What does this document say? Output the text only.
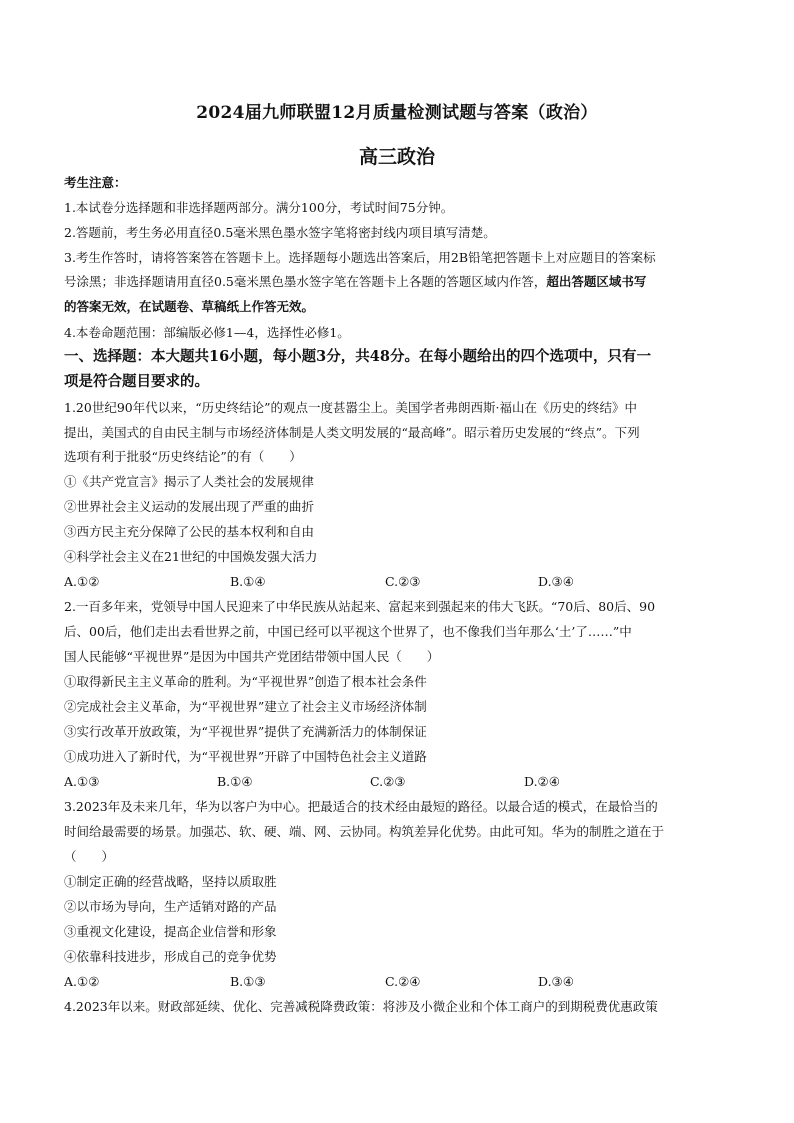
2024届九师联盟12月质量检测试题与答案（政治）
高三政治
考生注意：
1.本试卷分选择题和非选择题两部分。满分100分，考试时间75分钟。
2.答题前，考生务必用直径0.5毫米黑色墨水签字笔将密封线内项目填写清楚。
3.考生作答时，请将答案答在答题卡上。选择题每小题选出答案后，用2B铅笔把答题卡上对应题目的答案标
号涂黑；非选择题请用直径0.5毫米黑色墨水签字笔在答题卡上各题的答题区域内作答，超出答题区域书写
的答案无效，在试题卷、草稿纸上作答无效。
4.本卷命题范围：部编版必修1—4，选择性必修1。
一、选择题：本大题共16小题，每小题3分，共48分。在每小题给出的四个选项中，只有一
项是符合题目要求的。
1.20世纪90年代以来，“历史终结论”的观点一度甚嚣尘上。美国学者弗朗西斯·福山在《历史的终结》中
提出，美国式的自由民主制与市场经济体制是人类文明发展的“最高峰”。昭示着历史发展的“终点”。下列
选项有利于批驳“历史终结论”的有（　　）
①《共产党宣言》揭示了人类社会的发展规律
②世界社会主义运动的发展出现了严重的曲折
③西方民主充分保障了公民的基本权利和自由
④科学社会主义在21世纪的中国焕发强大活力
A.①②	B.①④	C.②③	D.③④
2.一百多年来，党领导中国人民迎来了中华民族从站起来、富起来到强起来的伟大飞跃。“70后、80后、90
后、00后，他们走出去看世界之前，中国已经可以平视这个世界了，也不像我们当年那么‘土’了……”中
国人民能够“平视世界”是因为中国共产党团结带领中国人民（　　）
①取得新民主主义革命的胜利。为“平视世界”创造了根本社会条件
②完成社会主义革命，为“平视世界”建立了社会主义市场经济体制
③实行改革开放政策，为“平视世界”提供了充满新活力的体制保证
①成功进入了新时代，为“平视世界”开辟了中国特色社会主义道路
A.①③	B.①④	C.②③	D.②④
3.2023年及未来几年，华为以客户为中心。把最适合的技术经由最短的路径。以最合适的模式，在最恰当的
时间给最需要的场景。加强芯、软、硬、端、网、云协同。构筑差异化优势。由此可知。华为的制胜之道在于
（　　）
①制定正确的经营战略，坚持以质取胜
②以市场为导向，生产适销对路的产品
③重视文化建设，提高企业信誉和形象
④依靠科技进步，形成自己的竞争优势
A.①②	B.①③	C.②④	D.③④
4.2023年以来。财政部延续、优化、完善减税降费政策：将涉及小微企业和个体工商户的到期税费优惠政策
